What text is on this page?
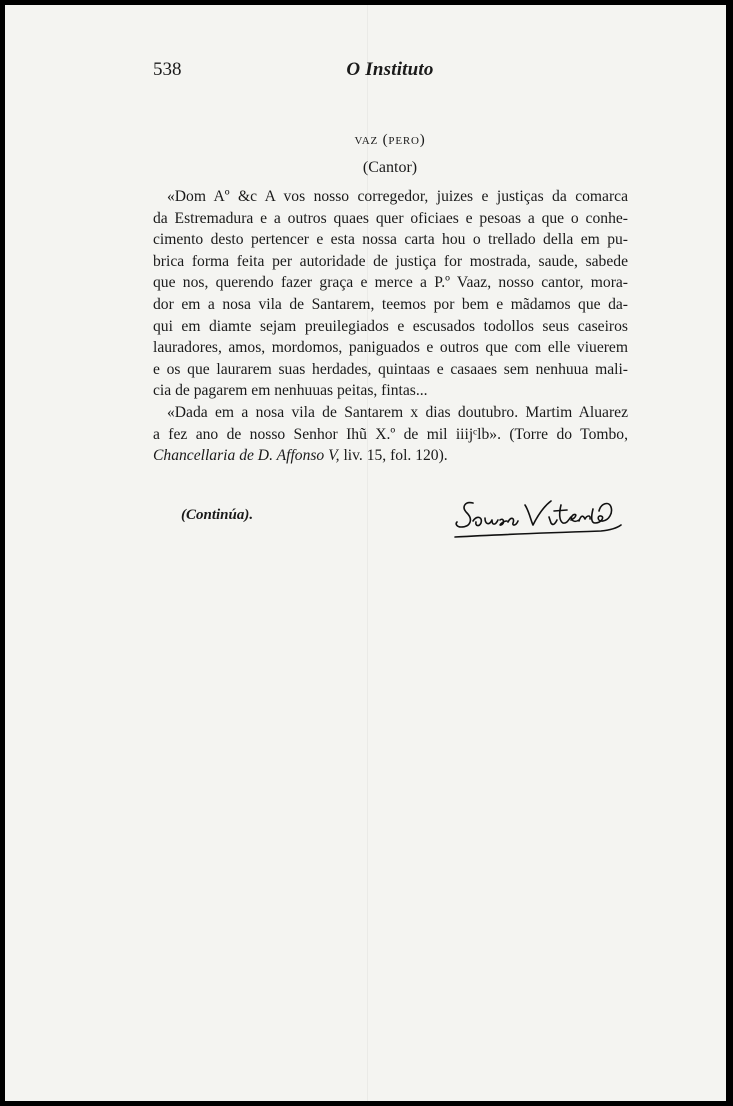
538	O Instituto
vaz (pero)
(Cantor)
«Dom Aº &c A vos nosso corregedor, juizes e justiças da comarca
da Estremadura e a outros quaes quer oficiaes e pesoas a que o conhe-
cimento desto pertencer e esta nossa carta hou o trellado della em pu-
brica forma feita per autoridade de justiça for mostrada, saude, sabede
que nos, querendo fazer graça e merce a P.º Vaaz, nosso cantor, mora-
dor em a nosa vila de Santarem, teemos por bem e mãdamos que da-
qui em diamte sejam preuilegiados e escusados todollos seus caseiros
lauradores, amos, mordomos, paniguados e outros que com elle viuerem
e os que laurarem suas herdades, quintaas e casaaes sem nenhuua mali-
cia de pagarem em nenhuuas peitas, fintas...
«Dada em a nosa vila de Santarem x dias doutubro. Martim Aluarez
a fez ano de nosso Senhor Ihũ X.º de mil iiijᶜlb». (Torre do Tombo,
Chancellaria de D. Affonso V, liv. 15, fol. 120).
(Continúa).
